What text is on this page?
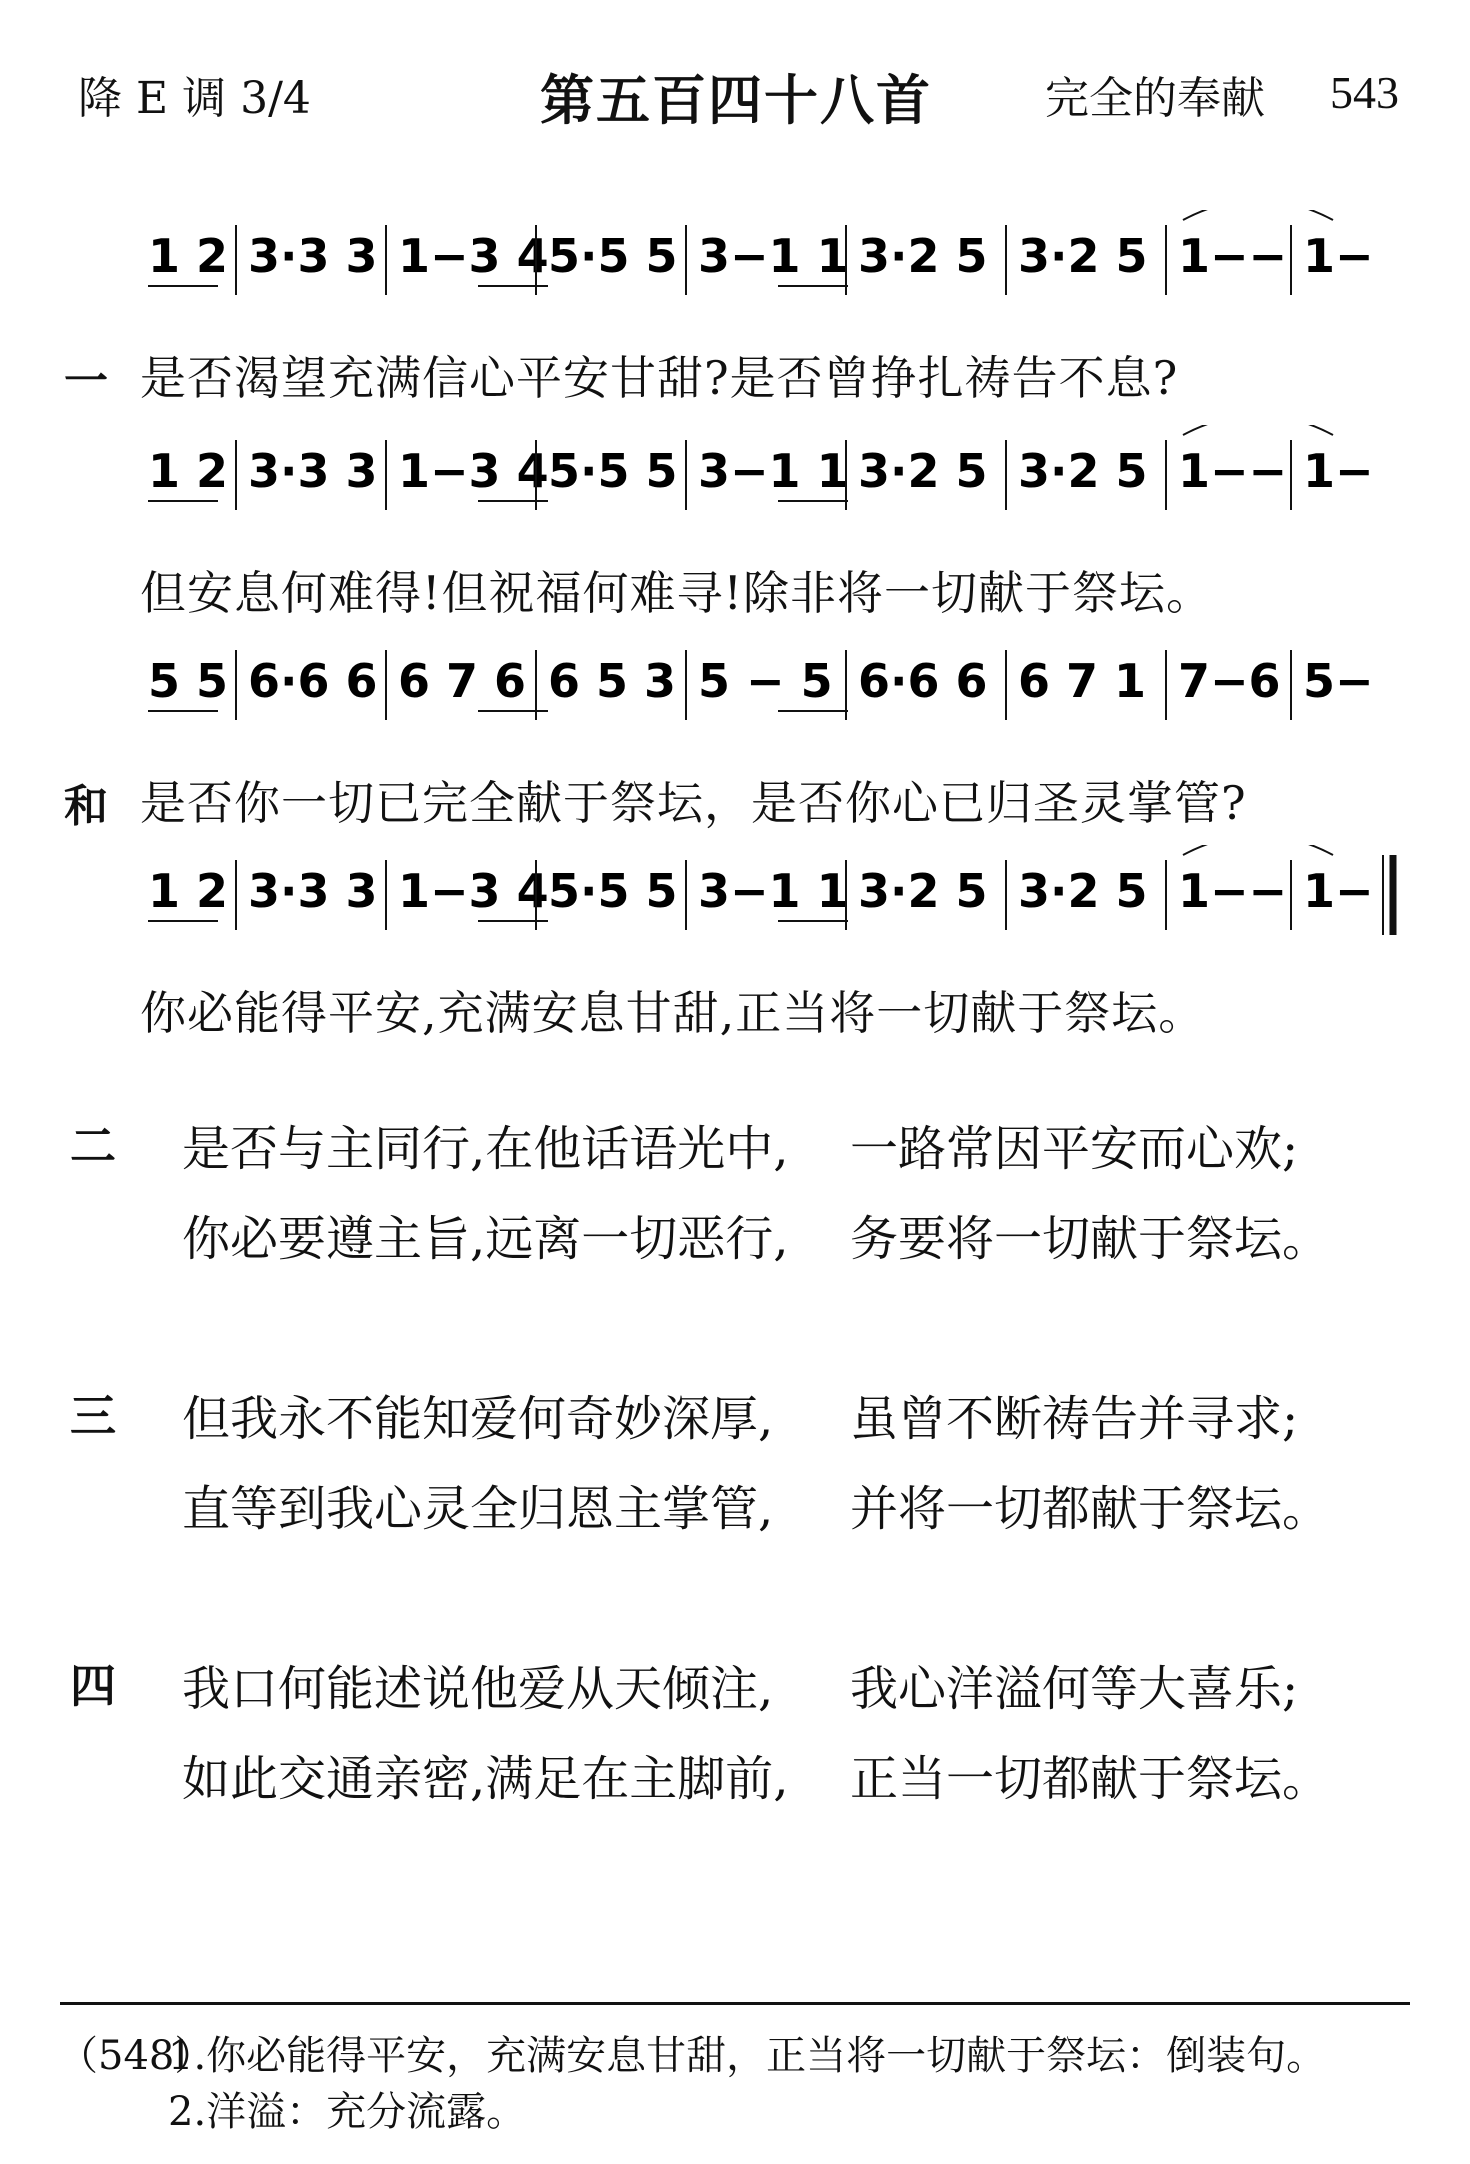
降 E 调 3/4	第五百四十八首	完全的奉献 543
一
1 2 3·3 3 1−3 4 5·5 5 3−1 1 3·2 5 3·2 5 1−− 1−
是否渴望充满信心平安甘甜?是否曾挣扎祷告不息?
1 2 3·3 3 1−3 4 5·5 5 3−1 1 3·2 5 3·2 5 1−− 1−
但安息何难得!但祝福何难寻!除非将一切献于祭坛。
和
5 5 6·6 6 6 7 6 6 5 3 5 − 5 6·6 6 6 7 1 7−6 5−
是否你一切已完全献于祭坛，是否你心已归圣灵掌管?
1 2 3·3 3 1−3 4 5·5 5 3−1 1 3·2 5 3·2 5 1−− 1−
你必能得平安,充满安息甘甜,正当将一切献于祭坛。
二 是否与主同行,在他话语光中, 一路常因平安而心欢;
你必要遵主旨,远离一切恶行, 务要将一切献于祭坛。
三 但我永不能知爱何奇妙深厚, 虽曾不断祷告并寻求;
直等到我心灵全归恩主掌管, 并将一切都献于祭坛。
四 我口何能述说他爱从天倾注, 我心洋溢何等大喜乐;
如此交通亲密,满足在主脚前, 正当一切都献于祭坛。
（548）
1.你必能得平安，充满安息甘甜，正当将一切献于祭坛：倒装句。
2.洋溢：充分流露。
